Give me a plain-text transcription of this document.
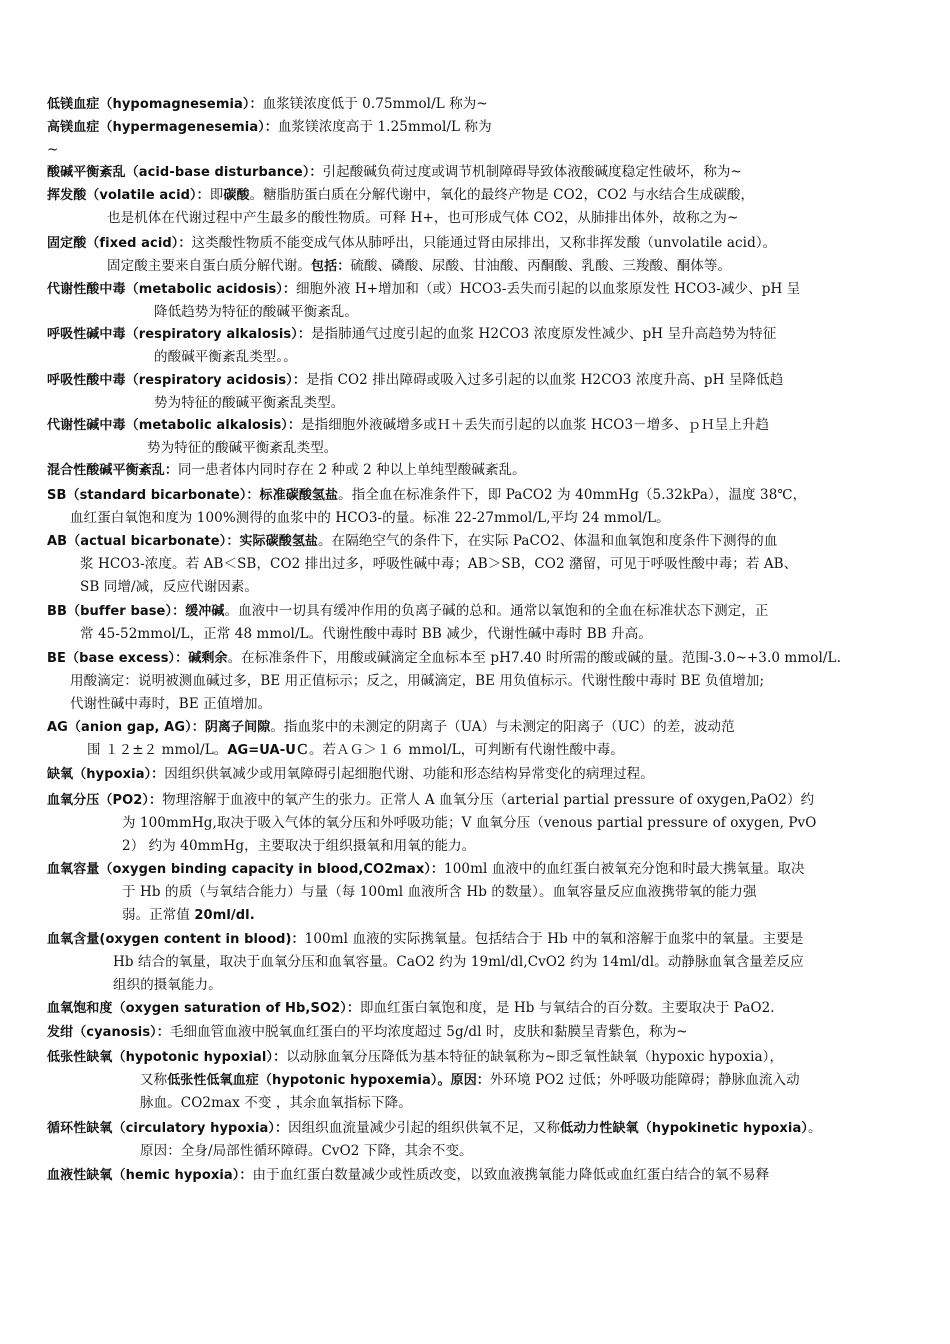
低镁血症（hypomagnesemia）：血浆镁浓度低于 0.75mmol/L 称为~
高镁血症（hypermagenesemia）：血浆镁浓度高于 1.25mmol/L 称为
~
酸碱平衡紊乱（acid-base disturbance）：引起酸碱负荷过度或调节机制障碍导致体液酸碱度稳定性破坏，称为~
挥发酸（volatile acid）：即碳酸。糖脂肪蛋白质在分解代谢中，氧化的最终产物是 CO2，CO2 与水结合生成碳酸，
也是机体在代谢过程中产生最多的酸性物质。可释 H+，也可形成气体 CO2，从肺排出体外，故称之为~
固定酸（fixed acid）：这类酸性物质不能变成气体从肺呼出，只能通过肾由尿排出，又称非挥发酸（unvolatile acid）。
固定酸主要来自蛋白质分解代谢。包括：硫酸、磷酸、尿酸、甘油酸、丙酮酸、乳酸、三羧酸、酮体等。
代谢性酸中毒（metabolic acidosis）：细胞外液 H+增加和（或）HCO3-丢失而引起的以血浆原发性 HCO3-减少、pH 呈
降低趋势为特征的酸碱平衡紊乱。
呼吸性碱中毒（respiratory alkalosis）：是指肺通气过度引起的血浆 H2CO3 浓度原发性减少、pH 呈升高趋势为特征
的酸碱平衡紊乱类型。。
呼吸性酸中毒（respiratory acidosis）：是指 CO2 排出障碍或吸入过多引起的以血浆 H2CO3 浓度升高、pH 呈降低趋
势为特征的酸碱平衡紊乱类型。
代谢性碱中毒（metabolic alkalosis）：是指细胞外液碱增多或Ｈ＋丢失而引起的以血浆 HCO3－增多、ｐＨ呈上升趋
势为特征的酸碱平衡紊乱类型。
混合性酸碱平衡紊乱：同一患者体内同时存在 2 种或 2 种以上单纯型酸碱紊乱。
SB（standard bicarbonate）：标准碳酸氢盐。指全血在标准条件下，即 PaCO2 为 40mmHg（5.32kPa），温度 38℃，
血红蛋白氧饱和度为 100%测得的血浆中的 HCO3-的量。标准 22-27mmol/L,平均 24 mmol/L。
AB（actual bicarbonate）：实际碳酸氢盐。在隔绝空气的条件下，在实际 PaCO2、体温和血氧饱和度条件下测得的血
浆 HCO3-浓度。若 AB＜SB，CO2 排出过多，呼吸性碱中毒；AB＞SB，CO2 潴留，可见于呼吸性酸中毒；若 AB、
SB 同增/减，反应代谢因素。
BB（buffer base）：缓冲碱。血液中一切具有缓冲作用的负离子碱的总和。通常以氧饱和的全血在标准状态下测定，正
常 45-52mmol/L，正常 48 mmol/L。代谢性酸中毒时 BB 减少，代谢性碱中毒时 BB 升高。
BE（base excess）：碱剩余。在标准条件下，用酸或碱滴定全血标本至 pH7.40 时所需的酸或碱的量。范围-3.0~+3.0 mmol/L.
用酸滴定：说明被测血碱过多，BE 用正值标示；反之，用碱滴定，BE 用负值标示。代谢性酸中毒时 BE 负值增加;
代谢性碱中毒时，BE 正值增加。
AG（anion gap, AG）：阴离子间隙。指血浆中的未测定的阴离子（UA）与未测定的阳离子（UC）的差，波动范
围 １２±２ mmol/L。AG=UA-UＣ。若ＡＧ＞１６ mmol/L，可判断有代谢性酸中毒。
缺氧（hypoxia）：因组织供氧减少或用氧障碍引起细胞代谢、功能和形态结构异常变化的病理过程。
血氧分压（PO2）：物理溶解于血液中的氧产生的张力。正常人 A 血氧分压（arterial partial pressure of oxygen,PaO2）约
为 100mmHg,取决于吸入气体的氧分压和外呼吸功能；V 血氧分压（venous partial pressure of oxygen, PvO
2） 约为 40mmHg，主要取决于组织摄氧和用氧的能力。
血氧容量（oxygen binding capacity in blood,CO2max）：100ml 血液中的血红蛋白被氧充分饱和时最大携氧量。取决
于 Hb 的质（与氧结合能力）与量（每 100ml 血液所含 Hb 的数量）。血氧容量反应血液携带氧的能力强
弱。正常值 20ml/dl.
血氧含量(oxygen content in blood)：100ml 血液的实际携氧量。包括结合于 Hb 中的氧和溶解于血浆中的氧量。主要是
Hb 结合的氧量，取决于血氧分压和血氧容量。CaO2 约为 19ml/dl,CvO2 约为 14ml/dl。动静脉血氧含量差反应
组织的摄氧能力。
血氧饱和度（oxygen saturation of Hb,SO2）：即血红蛋白氧饱和度，是 Hb 与氧结合的百分数。主要取决于 PaO2.
发绀（cyanosis）：毛细血管血液中脱氧血红蛋白的平均浓度超过 5g/dl 时，皮肤和黏膜呈青紫色，称为~
低张性缺氧（hypotonic hypoxial）：以动脉血氧分压降低为基本特征的缺氧称为~即乏氧性缺氧（hypoxic hypoxia），
又称低张性低氧血症（hypotonic hypoxemia）。原因：外环境 PO2 过低；外呼吸功能障碍；静脉血流入动
脉血。CO2max 不变 ，其余血氧指标下降。
循环性缺氧（circulatory hypoxia）：因组织血流量减少引起的组织供氧不足，又称低动力性缺氧（hypokinetic hypoxia）。
原因：全身/局部性循环障碍。CvO2 下降，其余不变。
血液性缺氧（hemic hypoxia）：由于血红蛋白数量减少或性质改变，以致血液携氧能力降低或血红蛋白结合的氧不易释
